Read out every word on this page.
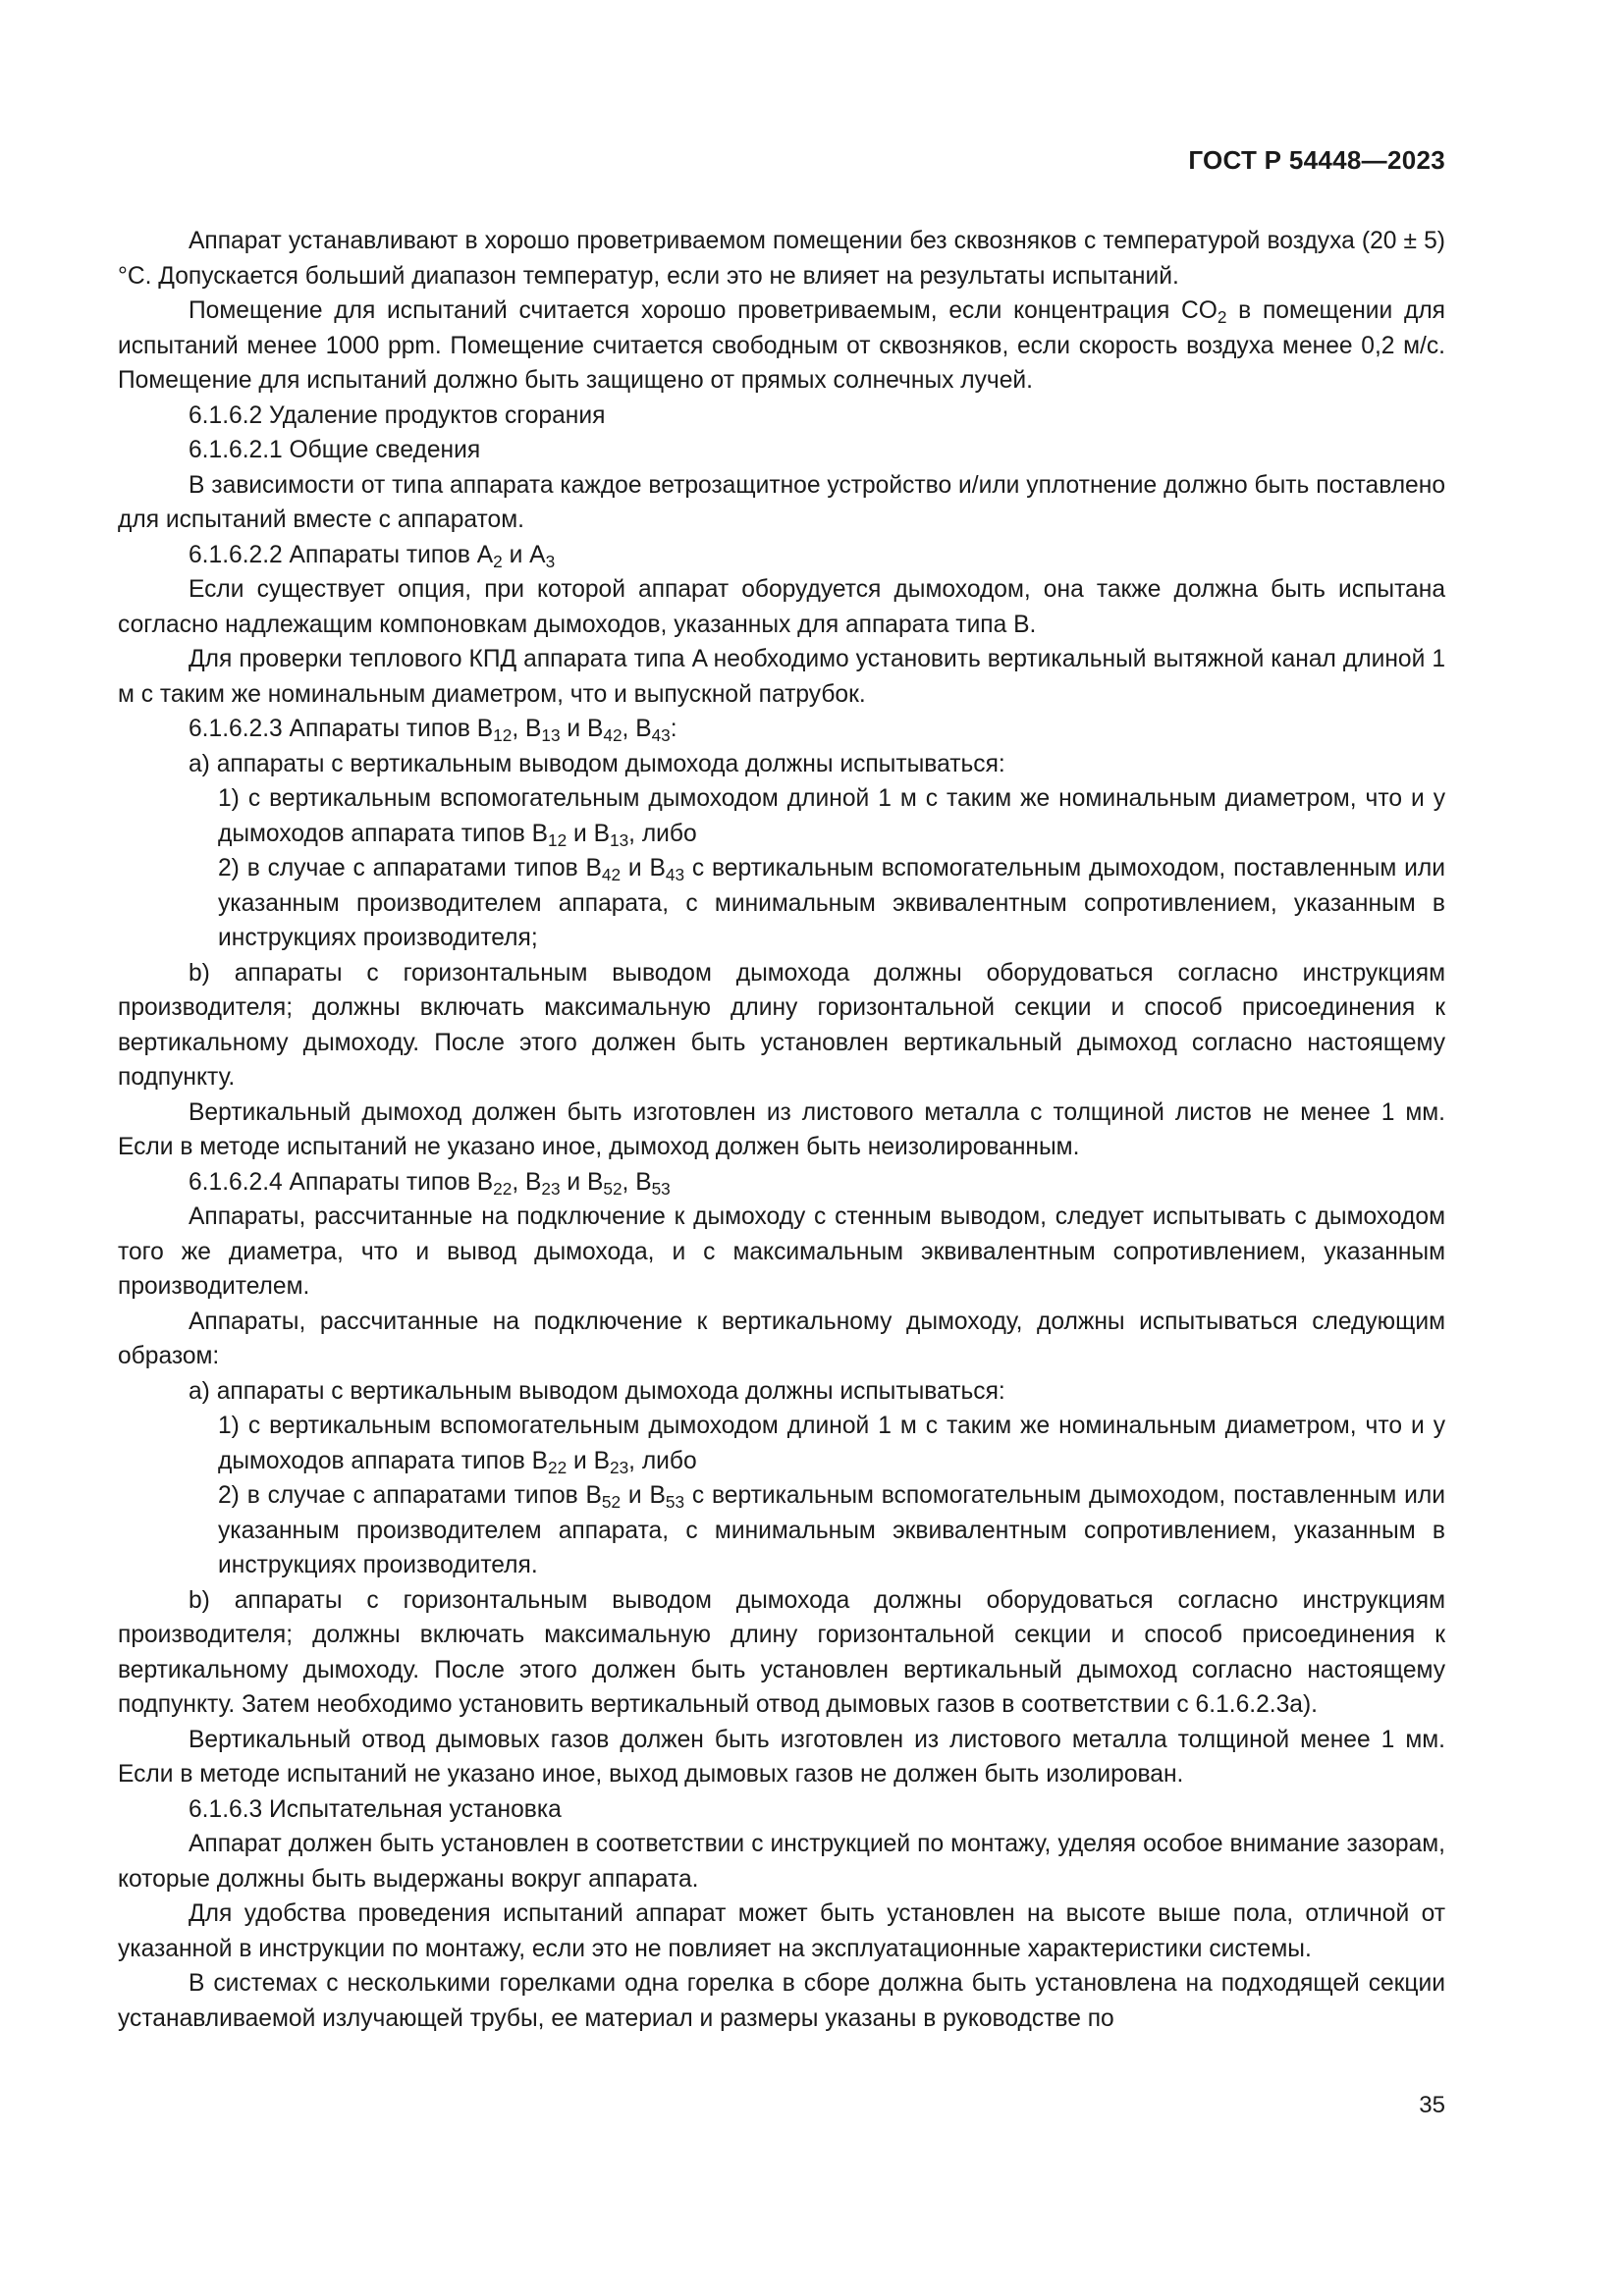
ГОСТ Р 54448—2023

Аппарат устанавливают в хорошо проветриваемом помещении без сквозняков с температурой воздуха (20 ± 5) °С. Допускается больший диапазон температур, если это не влияет на результаты испытаний.

Помещение для испытаний считается хорошо проветриваемым, если концентрация $CO_2$ в помещении для испытаний менее 1000 ppm. Помещение считается свободным от сквозняков, если скорость воздуха менее 0,2 м/с. Помещение для испытаний должно быть защищено от прямых солнечных лучей.

6.1.6.2 Удаление продуктов сгорания

6.1.6.2.1 Общие сведения

В зависимости от типа аппарата каждое ветрозащитное устройство и/или уплотнение должно быть поставлено для испытаний вместе с аппаратом.

6.1.6.2.2 Аппараты типов $A_2$ и $A_3$

Если существует опция, при которой аппарат оборудуется дымоходом, она также должна быть испытана согласно надлежащим компоновкам дымоходов, указанных для аппарата типа B.

Для проверки теплового КПД аппарата типа A необходимо установить вертикальный вытяжной канал длиной 1 м с таким же номинальным диаметром, что и выпускной патрубок.

6.1.6.2.3 Аппараты типов $B_{12}$, $B_{13}$ и $B_{42}$, $B_{43}$:

a) аппараты с вертикальным выводом дымохода должны испытываться:

1) с вертикальным вспомогательным дымоходом длиной 1 м с таким же номинальным диаметром, что и у дымоходов аппарата типов $B_{12}$ и $B_{13}$, либо

2) в случае с аппаратами типов $B_{42}$ и $B_{43}$ с вертикальным вспомогательным дымоходом, поставленным или указанным производителем аппарата, с минимальным эквивалентным сопротивлением, указанным в инструкциях производителя;

b) аппараты с горизонтальным выводом дымохода должны оборудоваться согласно инструкциям производителя; должны включать максимальную длину горизонтальной секции и способ присоединения к вертикальному дымоходу. После этого должен быть установлен вертикальный дымоход согласно настоящему подпункту.

Вертикальный дымоход должен быть изготовлен из листового металла с толщиной листов не менее 1 мм. Если в методе испытаний не указано иное, дымоход должен быть неизолированным.

6.1.6.2.4 Аппараты типов $B_{22}$, $B_{23}$ и $B_{52}$, $B_{53}$

Аппараты, рассчитанные на подключение к дымоходу с стенным выводом, следует испытывать с дымоходом того же диаметра, что и вывод дымохода, и с максимальным эквивалентным сопротивлением, указанным производителем.

Аппараты, рассчитанные на подключение к вертикальному дымоходу, должны испытываться следующим образом:

a) аппараты с вертикальным выводом дымохода должны испытываться:

1) с вертикальным вспомогательным дымоходом длиной 1 м с таким же номинальным диаметром, что и у дымоходов аппарата типов $B_{22}$ и $B_{23}$, либо

2) в случае с аппаратами типов $B_{52}$ и $B_{53}$ с вертикальным вспомогательным дымоходом, поставленным или указанным производителем аппарата, с минимальным эквивалентным сопротивлением, указанным в инструкциях производителя.

b) аппараты с горизонтальным выводом дымохода должны оборудоваться согласно инструкциям производителя; должны включать максимальную длину горизонтальной секции и способ присоединения к вертикальному дымоходу. После этого должен быть установлен вертикальный дымоход согласно настоящему подпункту. Затем необходимо установить вертикальный отвод дымовых газов в соответствии с 6.1.6.2.3a).

Вертикальный отвод дымовых газов должен быть изготовлен из листового металла толщиной менее 1 мм. Если в методе испытаний не указано иное, выход дымовых газов не должен быть изолирован.

6.1.6.3 Испытательная установка

Аппарат должен быть установлен в соответствии с инструкцией по монтажу, уделяя особое внимание зазорам, которые должны быть выдержаны вокруг аппарата.

Для удобства проведения испытаний аппарат может быть установлен на высоте выше пола, отличной от указанной в инструкции по монтажу, если это не повлияет на эксплуатационные характеристики системы.

В системах с несколькими горелками одна горелка в сборе должна быть установлена на подходящей секции устанавливаемой излучающей трубы, ее материал и размеры указаны в руководстве по

35
